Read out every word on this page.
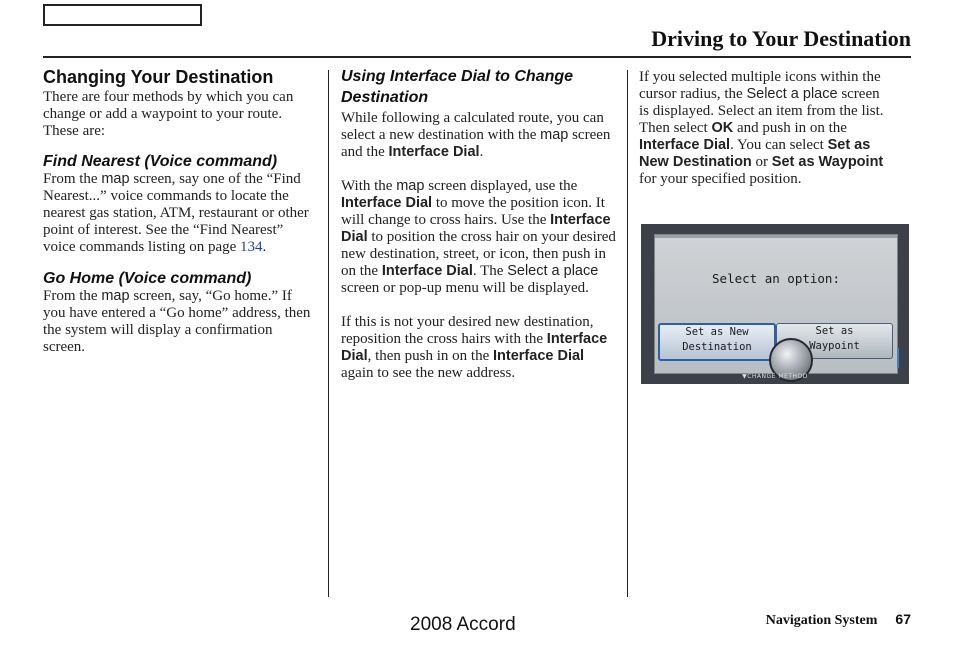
Driving to Your Destination

Changing Your Destination

There are four methods by which you can change or add a waypoint to your route. These are:

Find Nearest (Voice command)

From the map screen, say one of the “Find Nearest...” voice commands to locate the nearest gas station, ATM, restaurant or other point of interest. See the “Find Nearest” voice commands listing on page 134.

Go Home (Voice command)

From the map screen, say, “Go home.” If you have entered a “Go home” address, then the system will display a confirmation screen.

Using Interface Dial to Change Destination

While following a calculated route, you can select a new destination with the map screen and the Interface Dial.

With the map screen displayed, use the Interface Dial to move the position icon. It will change to cross hairs. Use the Interface Dial to position the cross hair on your desired new destination, street, or icon, then push in on the Interface Dial. The Select a place screen or pop-up menu will be displayed.

If this is not your desired new destination, reposition the cross hairs with the Interface Dial, then push in on the Interface Dial again to see the new address.

If you selected multiple icons within the cursor radius, the Select a place screen is displayed. Select an item from the list. Then select OK and push in on the Interface Dial. You can select Set as New Destination or Set as Waypoint for your specified position.

Select an option:
Set as New
Destination
Set as
Waypoint
▼CHANGE METHOD
2008 Accord	Navigation System 67
